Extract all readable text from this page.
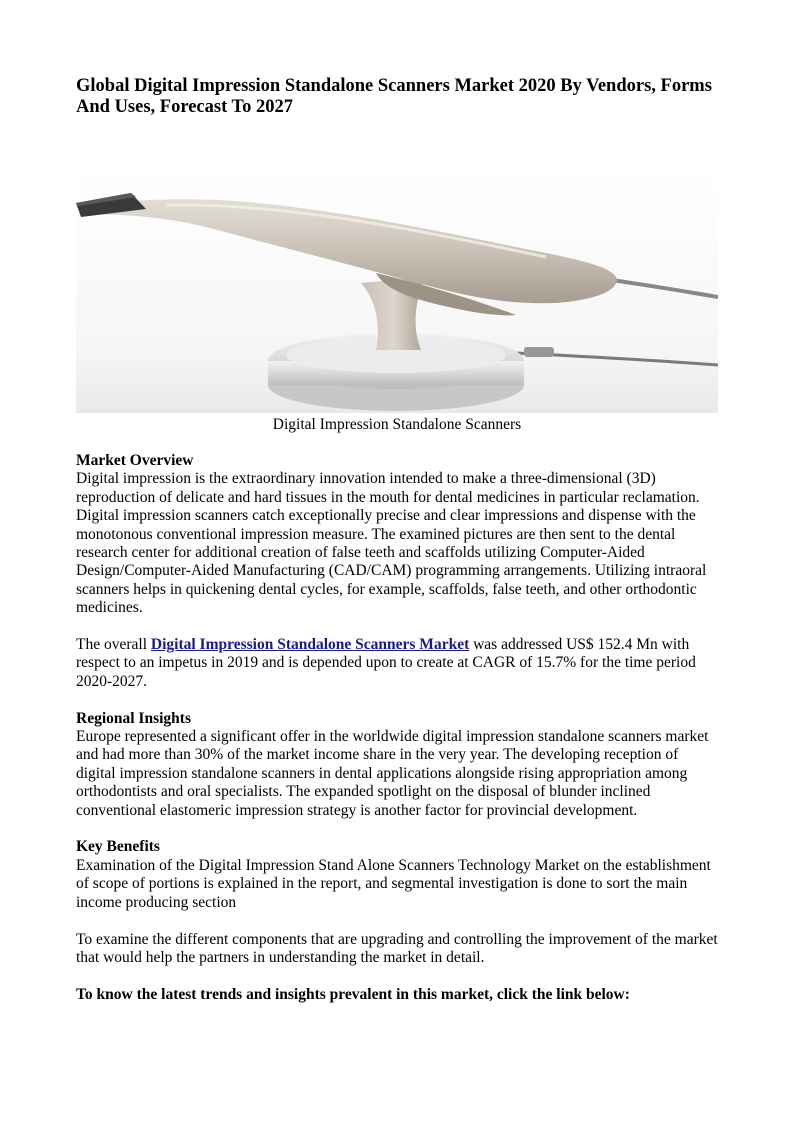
Global Digital Impression Standalone Scanners Market 2020 By Vendors, Forms And Uses, Forecast To 2027
Digital Impression Standalone Scanners

Market Overview
Digital impression is the extraordinary innovation intended to make a three-dimensional (3D) reproduction of delicate and hard tissues in the mouth for dental medicines in particular reclamation. Digital impression scanners catch exceptionally precise and clear impressions and dispense with the monotonous conventional impression measure. The examined pictures are then sent to the dental research center for additional creation of false teeth and scaffolds utilizing Computer-Aided Design/Computer-Aided Manufacturing (CAD/CAM) programming arrangements. Utilizing intraoral scanners helps in quickening dental cycles, for example, scaffolds, false teeth, and other orthodontic medicines.

The overall Digital Impression Standalone Scanners Market was addressed US$ 152.4 Mn with respect to an impetus in 2019 and is depended upon to create at CAGR of 15.7% for the time period 2020-2027.

Regional Insights
Europe represented a significant offer in the worldwide digital impression standalone scanners market and had more than 30% of the market income share in the very year. The developing reception of digital impression standalone scanners in dental applications alongside rising appropriation among orthodontists and oral specialists. The expanded spotlight on the disposal of blunder inclined conventional elastomeric impression strategy is another factor for provincial development.

Key Benefits
Examination of the Digital Impression Stand Alone Scanners Technology Market on the establishment of scope of portions is explained in the report, and segmental investigation is done to sort the main income producing section

To examine the different components that are upgrading and controlling the improvement of the market that would help the partners in understanding the market in detail.

To know the latest trends and insights prevalent in this market, click the link below:
